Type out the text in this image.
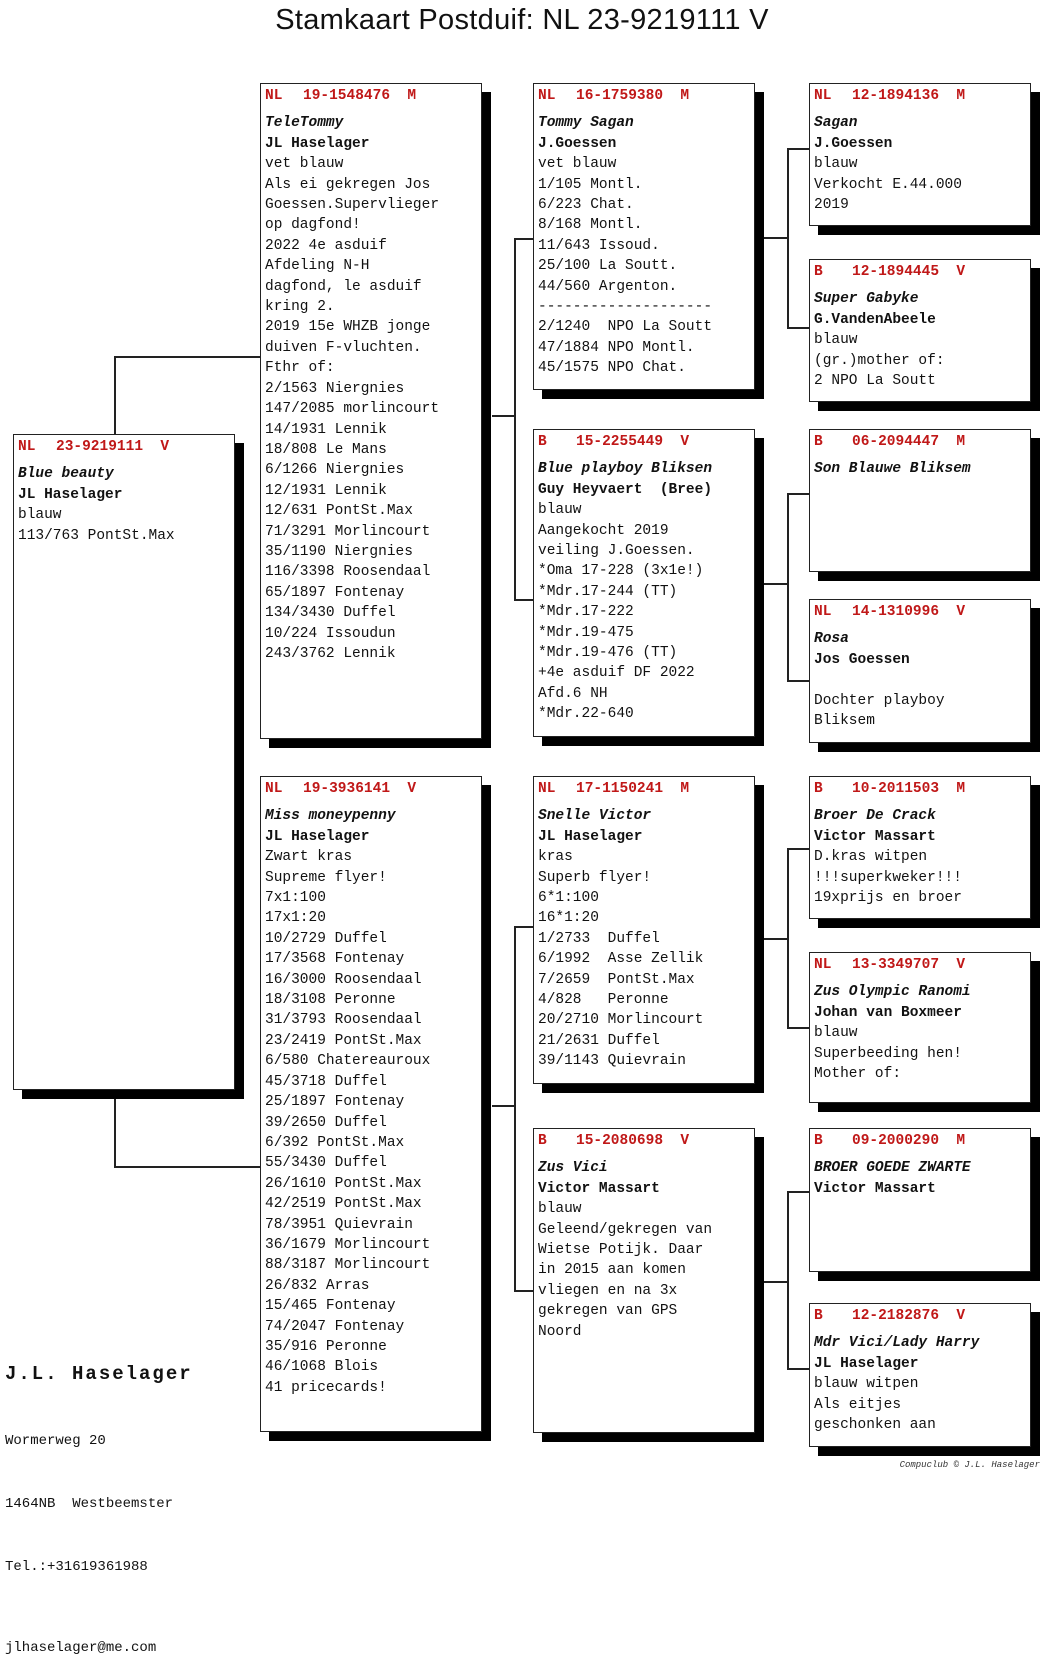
Stamkaart Postduif: NL 23-9219111 V
NL 23-9219111 V
Blue beauty
JL Haselager
blauw
113/763 PontSt.Max
NL 19-1548476 M
TeleTommy
JL Haselager
vet blauw
Als ei gekregen Jos
Goessen.Supervlieger
op dagfond!
2022 4e asduif
Afdeling N-H
dagfond, le asduif
kring 2.
2019 15e WHZB jonge
duiven F-vluchten.
Fthr of:
2/1563 Niergnies
147/2085 morlincourt
14/1931 Lennik
18/808 Le Mans
6/1266 Niergnies
12/1931 Lennik
12/631 PontSt.Max
71/3291 Morlincourt
35/1190 Niergnies
116/3398 Roosendaal
65/1897 Fontenay
134/3430 Duffel
10/224 Issoudun
243/3762 Lennik
NL 19-3936141 V
Miss moneypenny
JL Haselager
Zwart kras
Supreme flyer!
7x1:100
17x1:20
10/2729 Duffel
17/3568 Fontenay
16/3000 Roosendaal
18/3108 Peronne
31/3793 Roosendaal
23/2419 PontSt.Max
6/580 Chatereauroux
45/3718 Duffel
25/1897 Fontenay
39/2650 Duffel
6/392 PontSt.Max
55/3430 Duffel
26/1610 PontSt.Max
42/2519 PontSt.Max
78/3951 Quievrain
36/1679 Morlincourt
88/3187 Morlincourt
26/832 Arras
15/465 Fontenay
74/2047 Fontenay
35/916 Peronne
46/1068 Blois
41 pricecards!
NL 16-1759380 M
Tommy Sagan
J.Goessen
vet blauw
1/105 Montl.
6/223 Chat.
8/168 Montl.
11/643 Issoud.
25/100 La Soutt.
44/560 Argenton.
--------------------
2/1240  NPO La Soutt
47/1884 NPO Montl.
45/1575 NPO Chat.
B 15-2255449 V
Blue playboy Bliksen
Guy Heyvaert  (Bree)
blauw
Aangekocht 2019
veiling J.Goessen.
*Oma 17-228 (3x1e!)
*Mdr.17-244 (TT)
*Mdr.17-222
*Mdr.19-475
*Mdr.19-476 (TT)
+4e asduif DF 2022
Afd.6 NH
*Mdr.22-640
NL 17-1150241 M
Snelle Victor
JL Haselager
kras
Superb flyer!
6*1:100
16*1:20
1/2733  Duffel
6/1992  Asse Zellik
7/2659  PontSt.Max
4/828   Peronne
20/2710 Morlincourt
21/2631 Duffel
39/1143 Quievrain
B 15-2080698 V
Zus Vici
Victor Massart
blauw
Geleend/gekregen van
Wietse Potijk. Daar
in 2015 aan komen
vliegen en na 3x
gekregen van GPS
Noord
NL 12-1894136 M
Sagan
J.Goessen
blauw
Verkocht E.44.000
2019
B 12-1894445 V
Super Gabyke
G.VandenAbeele
blauw
(gr.)mother of:
2 NPO La Soutt
B 06-2094447 M
Son Blauwe Bliksem

NL 14-1310996 V
Rosa
Jos Goessen

Dochter playboy
Bliksem
B 10-2011503 M
Broer De Crack
Victor Massart
D.kras witpen
!!!superkweker!!!
19xprijs en broer
NL 13-3349707 V
Zus Olympic Ranomi
Johan van Boxmeer
blauw
Superbeeding hen!
Mother of:
B 09-2000290 M
BROER GOEDE ZWARTE
Victor Massart
B 12-2182876 V
Mdr Vici/Lady Harry
JL Haselager
blauw witpen
Als eitjes
geschonken aan

J.L. Haselager

Wormerweg 20

1464NB  Westbeemster

Tel.:+31619361988

jlhaselager@me.com

Compuclub © J.L. Haselager
